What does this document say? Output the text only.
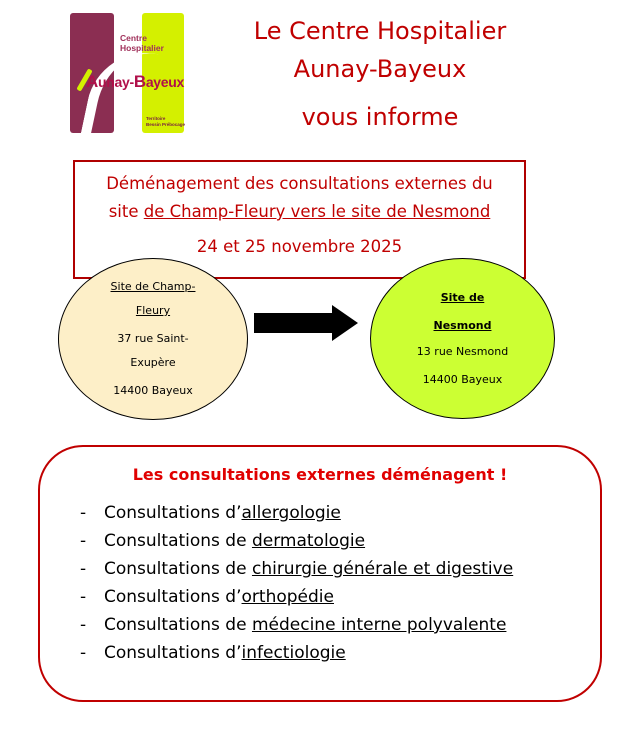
Centre
Hospitalier
Aunay-Bayeux
Territoire
Bessin Prébocage
Le Centre Hospitalier
Aunay-Bayeux
vous informe
Déménagement des consultations externes du
site de Champ-Fleury vers le site de Nesmond
24 et 25 novembre 2025
Site de Champ-
Fleury
37 rue Saint-
Exupère
14400 Bayeux
Site de
Nesmond
13 rue Nesmond
14400 Bayeux
Les consultations externes déménagent !
- Consultations d’allergologie
- Consultations de dermatologie
- Consultations de chirurgie générale et digestive
- Consultations d’orthopédie
- Consultations de médecine interne polyvalente
- Consultations d’infectiologie
